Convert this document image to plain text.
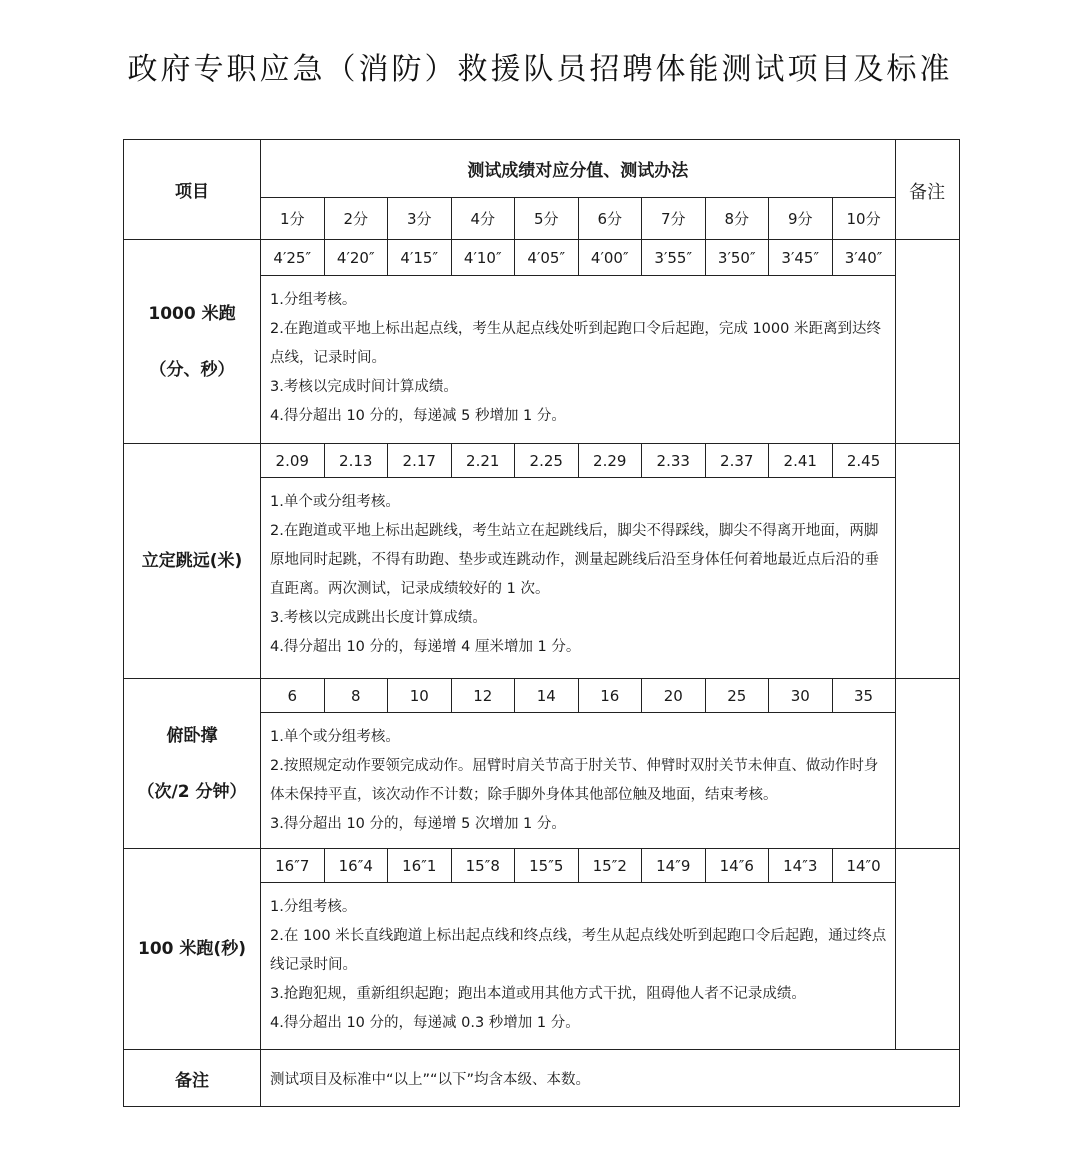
政府专职应急（消防）救援队员招聘体能测试项目及标准
项目	测试成绩对应分值、测试办法										备注
	1分	2分	3分	4分	5分	6分	7分	8分	9分	10分	

1000 米跑
（分、秒）	4′25″	4′20″	4′15″	4′10″	4′05″	4′00″	3′55″	3′50″	3′45″	3′40″	

	1.分组考核。
2.在跑道或平地上标出起点线，考生从起点线处听到起跑口令后起跑，完成 1000 米距离到达终点线，记录时间。
3.考核以完成时间计算成绩。
4.得分超出 10 分的，每递减 5 秒增加 1 分。										

立定跳远(米)	2.09	2.13	2.17	2.21	2.25	2.29	2.33	2.37	2.41	2.45	

	1.单个或分组考核。
2.在跑道或平地上标出起跳线，考生站立在起跳线后，脚尖不得踩线，脚尖不得离开地面，两脚原地同时起跳，不得有助跑、垫步或连跳动作，测量起跳线后沿至身体任何着地最近点后沿的垂直距离。两次测试，记录成绩较好的 1 次。
3.考核以完成跳出长度计算成绩。
4.得分超出 10 分的，每递增 4 厘米增加 1 分。										

俯卧撑
（次/2 分钟）	6	8	10	12	14	16	20	25	30	35	

	1.单个或分组考核。
2.按照规定动作要领完成动作。屈臂时肩关节高于肘关节、伸臂时双肘关节未伸直、做动作时身体未保持平直，该次动作不计数；除手脚外身体其他部位触及地面，结束考核。
3.得分超出 10 分的，每递增 5 次增加 1 分。										

100 米跑(秒)	16″7	16″4	16″1	15″8	15″5	15″2	14″9	14″6	14″3	14″0	

	1.分组考核。
2.在 100 米长直线跑道上标出起点线和终点线，考生从起点线处听到起跑口令后起跑，通过终点线记录时间。
3.抢跑犯规，重新组织起跑；跑出本道或用其他方式干扰，阻碍他人者不记录成绩。
4.得分超出 10 分的，每递减 0.3 秒增加 1 分。										

备注	测试项目及标准中“以上”“以下”均含本级、本数。										
